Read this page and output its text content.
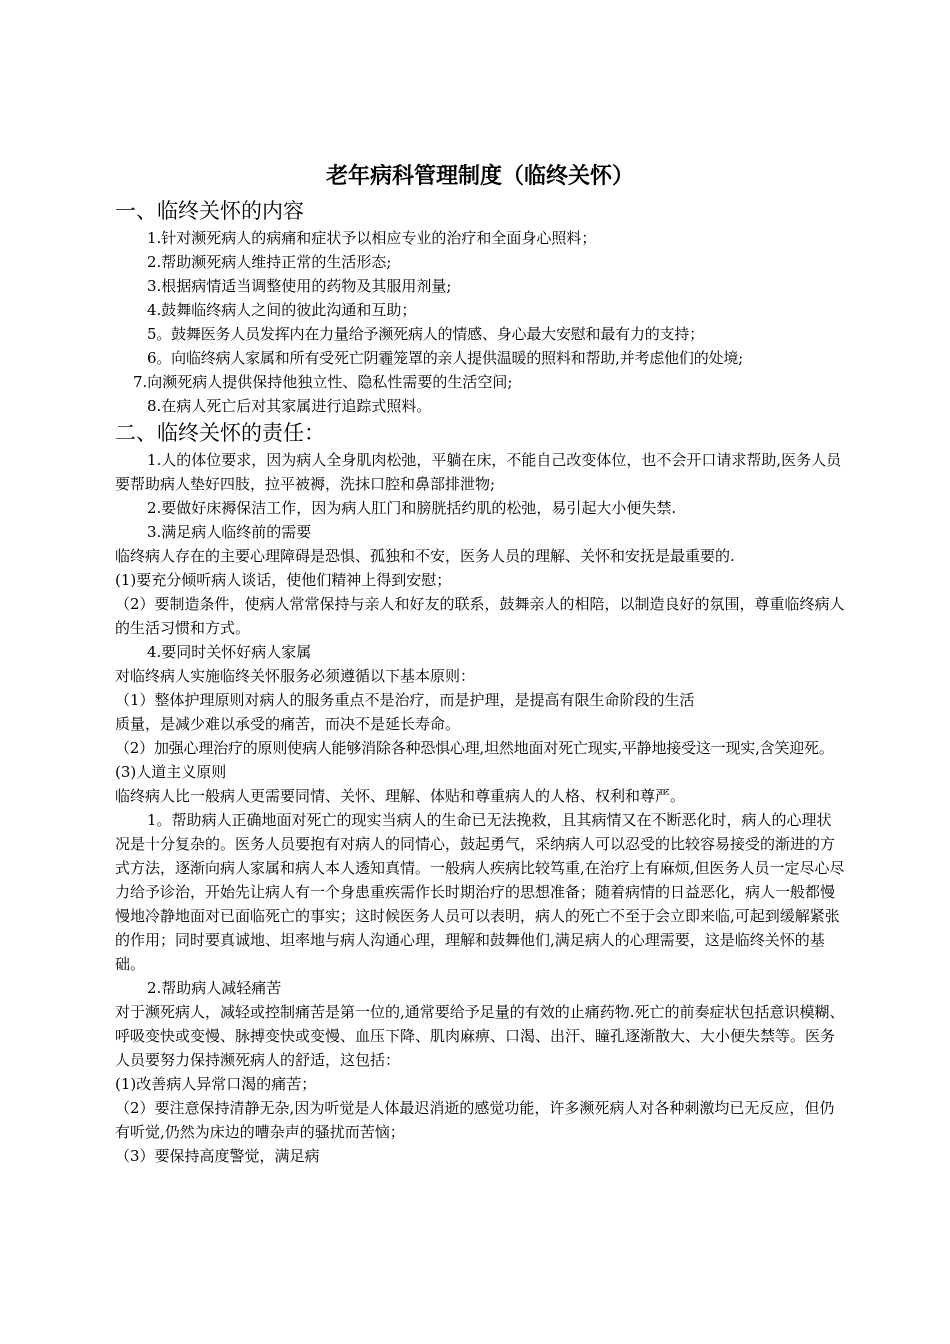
老年病科管理制度（临终关怀）
一、临终关怀的内容
1.针对濒死病人的病痛和症状予以相应专业的治疗和全面身心照料；
2.帮助濒死病人维持正常的生活形态;
3.根据病情适当调整使用的药物及其服用剂量;
4.鼓舞临终病人之间的彼此沟通和互助；
5。鼓舞医务人员发挥内在力量给予濒死病人的情感、身心最大安慰和最有力的支持；
6。向临终病人家属和所有受死亡阴霾笼罩的亲人提供温暖的照料和帮助,并考虑他们的处境;
7.向濒死病人提供保持他独立性、隐私性需要的生活空间;
8.在病人死亡后对其家属进行追踪式照料。
二、临终关怀的责任：
1.人的体位要求，因为病人全身肌肉松弛，平躺在床，不能自己改变体位，也不会开口请求帮助,医务人员要帮助病人垫好四肢，拉平被褥，洗抹口腔和鼻部排泄物;
2.要做好床褥保洁工作，因为病人肛门和膀胱括约肌的松弛，易引起大小便失禁.
3.满足病人临终前的需要
临终病人存在的主要心理障碍是恐惧、孤独和不安，医务人员的理解、关怀和安抚是最重要的.
(1)要充分倾听病人谈话，使他们精神上得到安慰；
（2）要制造条件，使病人常常保持与亲人和好友的联系，鼓舞亲人的相陪，以制造良好的氛围，尊重临终病人的生活习惯和方式。
4.要同时关怀好病人家属
对临终病人实施临终关怀服务必须遵循以下基本原则：
（1）整体护理原则对病人的服务重点不是治疗，而是护理，是提高有限生命阶段的生活
质量，是减少难以承受的痛苦，而决不是延长寿命。
（2）加强心理治疗的原则使病人能够消除各种恐惧心理,坦然地面对死亡现实,平静地接受这一现实,含笑迎死。
(3)人道主义原则
临终病人比一般病人更需要同情、关怀、理解、体贴和尊重病人的人格、权利和尊严。
1。帮助病人正确地面对死亡的现实当病人的生命已无法挽救，且其病情又在不断恶化时，病人的心理状况是十分复杂的。医务人员要抱有对病人的同情心，鼓起勇气，采纳病人可以忍受的比较容易接受的渐进的方式方法，逐渐向病人家属和病人本人透知真情。一般病人疾病比较笃重,在治疗上有麻烦,但医务人员一定尽心尽力给予诊治，开始先让病人有一个身患重疾需作长时期治疗的思想准备；随着病情的日益恶化，病人一般都慢慢地冷静地面对已面临死亡的事实；这时候医务人员可以表明，病人的死亡不至于会立即来临,可起到缓解紧张的作用；同时要真诚地、坦率地与病人沟通心理，理解和鼓舞他们,满足病人的心理需要，这是临终关怀的基础。
2.帮助病人减轻痛苦
对于濒死病人，减轻或控制痛苦是第一位的,通常要给予足量的有效的止痛药物.死亡的前奏症状包括意识模糊、呼吸变快或变慢、脉搏变快或变慢、血压下降、肌肉麻痹、口渴、出汗、瞳孔逐渐散大、大小便失禁等。医务人员要努力保持濒死病人的舒适，这包括：
(1)改善病人异常口渴的痛苦；
（2）要注意保持清静无杂,因为听觉是人体最迟消逝的感觉功能，许多濒死病人对各种刺激均已无反应，但仍有听觉,仍然为床边的嘈杂声的骚扰而苦恼；
（3）要保持高度警觉，满足病
